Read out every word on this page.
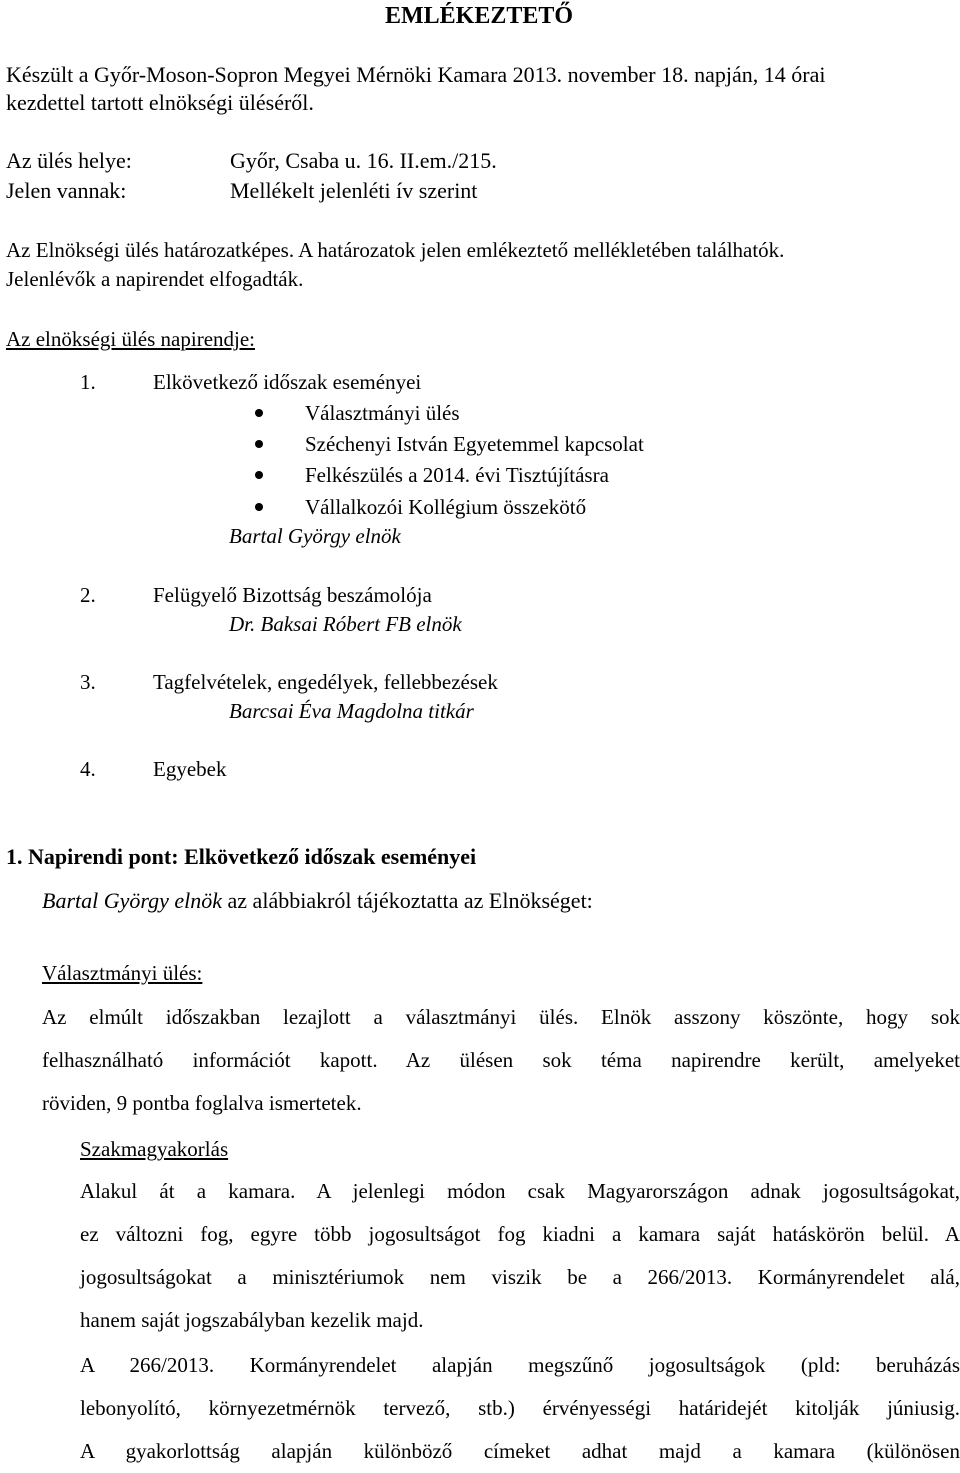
EMLÉKEZTETŐ
Készült a Győr-Moson-Sopron Megyei Mérnöki Kamara 2013. november 18. napján, 14 órai
kezdettel tartott elnökségi üléséről.
Az ülés helye:	Győr, Csaba u. 16. II.em./215.
Jelen vannak:	Mellékelt jelenléti ív szerint
Az Elnökségi ülés határozatképes. A határozatok jelen emlékeztető mellékletében találhatók.
Jelenlévők a napirendet elfogadták.
Az elnökségi ülés napirendje:
1.	Elkövetkező időszak eseményei
Választmányi ülés
Széchenyi István Egyetemmel kapcsolat
Felkészülés a 2014. évi Tisztújításra
Vállalkozói Kollégium összekötő
Bartal György elnök
2.	Felügyelő Bizottság beszámolója
Dr. Baksai Róbert FB elnök
3.	Tagfelvételek, engedélyek, fellebbezések
Barcsai Éva Magdolna titkár
4.	Egyebek
1. Napirendi pont: Elkövetkező időszak eseményei
Bartal György elnök az alábbiakról tájékoztatta az Elnökséget:
Választmányi ülés:

Az elmúlt időszakban lezajlott a választmányi ülés. Elnök asszony köszönte, hogy sok

felhasználható információt kapott. Az ülésen sok téma napirendre került, amelyeket

röviden, 9 pontba foglalva ismertetek.

Szakmagyakorlás

Alakul át a kamara. A jelenlegi módon csak Magyarországon adnak jogosultságokat,

ez változni fog, egyre több jogosultságot fog kiadni a kamara saját hatáskörön belül. A

jogosultságokat a minisztériumok nem viszik be a 266/2013. Kormányrendelet alá,

hanem saját jogszabályban kezelik majd.

A 266/2013. Kormányrendelet alapján megszűnő jogosultságok (pld: beruházás

lebonyolító, környezetmérnök tervező, stb.) érvényességi határidejét kitolják júniusig.

A gyakorlottság alapján különböző címeket adhat majd a kamara (különösen
